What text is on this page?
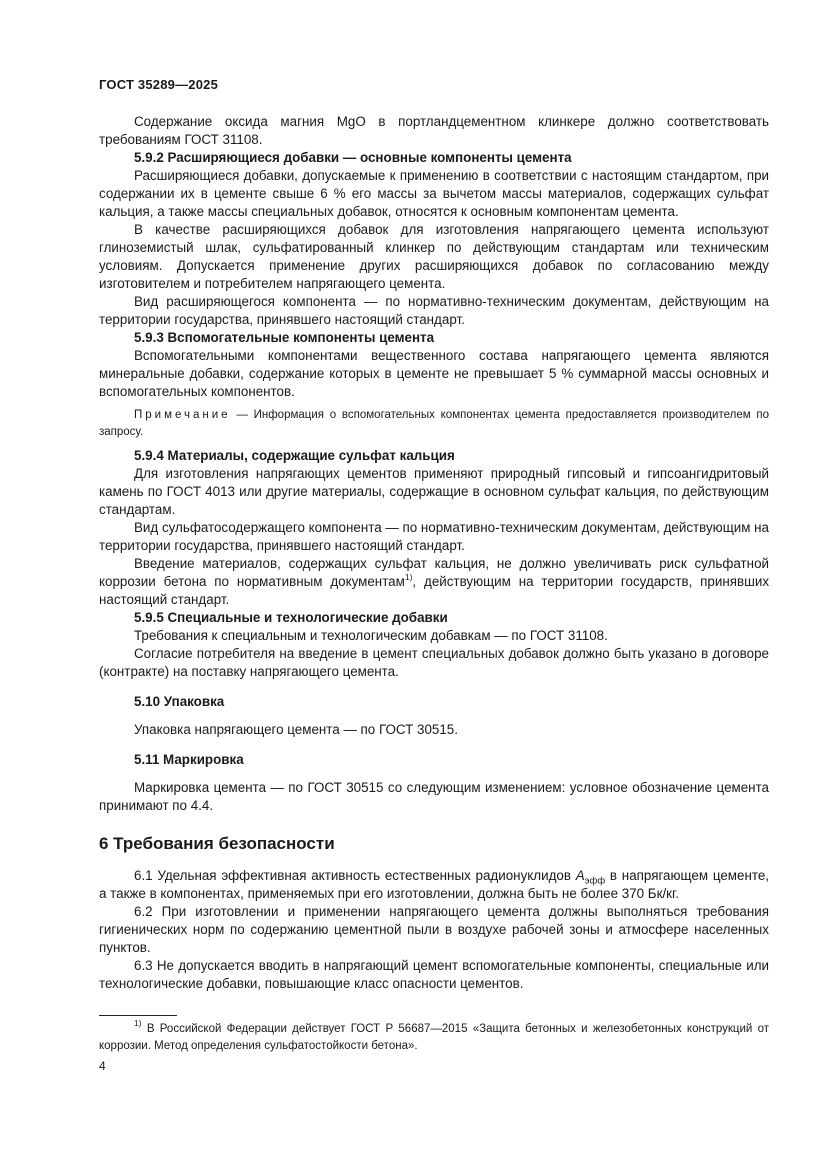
ГОСТ 35289—2025

Содержание оксида магния MgO в портландцементном клинкере должно соответствовать требованиям ГОСТ 31108.

5.9.2 Расширяющиеся добавки — основные компоненты цемента

Расширяющиеся добавки, допускаемые к применению в соответствии с настоящим стандартом, при содержании их в цементе свыше 6 % его массы за вычетом массы материалов, содержащих сульфат кальция, а также массы специальных добавок, относятся к основным компонентам цемента.

В качестве расширяющихся добавок для изготовления напрягающего цемента используют глиноземистый шлак, сульфатированный клинкер по действующим стандартам или техническим условиям. Допускается применение других расширяющихся добавок по согласованию между изготовителем и потребителем напрягающего цемента.

Вид расширяющегося компонента — по нормативно-техническим документам, действующим на территории государства, принявшего настоящий стандарт.

5.9.3 Вспомогательные компоненты цемента

Вспомогательными компонентами вещественного состава напрягающего цемента являются минеральные добавки, содержание которых в цементе не превышает 5 % суммарной массы основных и вспомогательных компонентов.

Примечание — Информация о вспомогательных компонентах цемента предоставляется производителем по запросу.
5.9.4 Материалы, содержащие сульфат кальция

Для изготовления напрягающих цементов применяют природный гипсовый и гипсоангидритовый камень по ГОСТ 4013 или другие материалы, содержащие в основном сульфат кальция, по действующим стандартам.

Вид сульфатосодержащего компонента — по нормативно-техническим документам, действующим на территории государства, принявшего настоящий стандарт.

Введение материалов, содержащих сульфат кальция, не должно увеличивать риск сульфатной коррозии бетона по нормативным документам$^{1)}$, действующим на территории государств, принявших настоящий стандарт.

5.9.5 Специальные и технологические добавки

Требования к специальным и технологическим добавкам — по ГОСТ 31108.

Согласие потребителя на введение в цемент специальных добавок должно быть указано в договоре (контракте) на поставку напрягающего цемента.

5.10 Упаковка

Упаковка напрягающего цемента — по ГОСТ 30515.

5.11 Маркировка

Маркировка цемента — по ГОСТ 30515 со следующим изменением: условное обозначение цемента принимают по 4.4.

6 Требования безопасности

6.1 Удельная эффективная активность естественных радионуклидов $A_{эфф}$ в напрягающем цементе, а также в компонентах, применяемых при его изготовлении, должна быть не более 370 Бк/кг.

6.2 При изготовлении и применении напрягающего цемента должны выполняться требования гигиенических норм по содержанию цементной пыли в воздухе рабочей зоны и атмосфере населенных пунктов.

6.3 Не допускается вводить в напрягающий цемент вспомогательные компоненты, специальные или технологические добавки, повышающие класс опасности цементов.

$^{1)}$ В Российской Федерации действует ГОСТ Р 56687—2015 «Защита бетонных и железобетонных конструкций от коррозии. Метод определения сульфатостойкости бетона».
4
